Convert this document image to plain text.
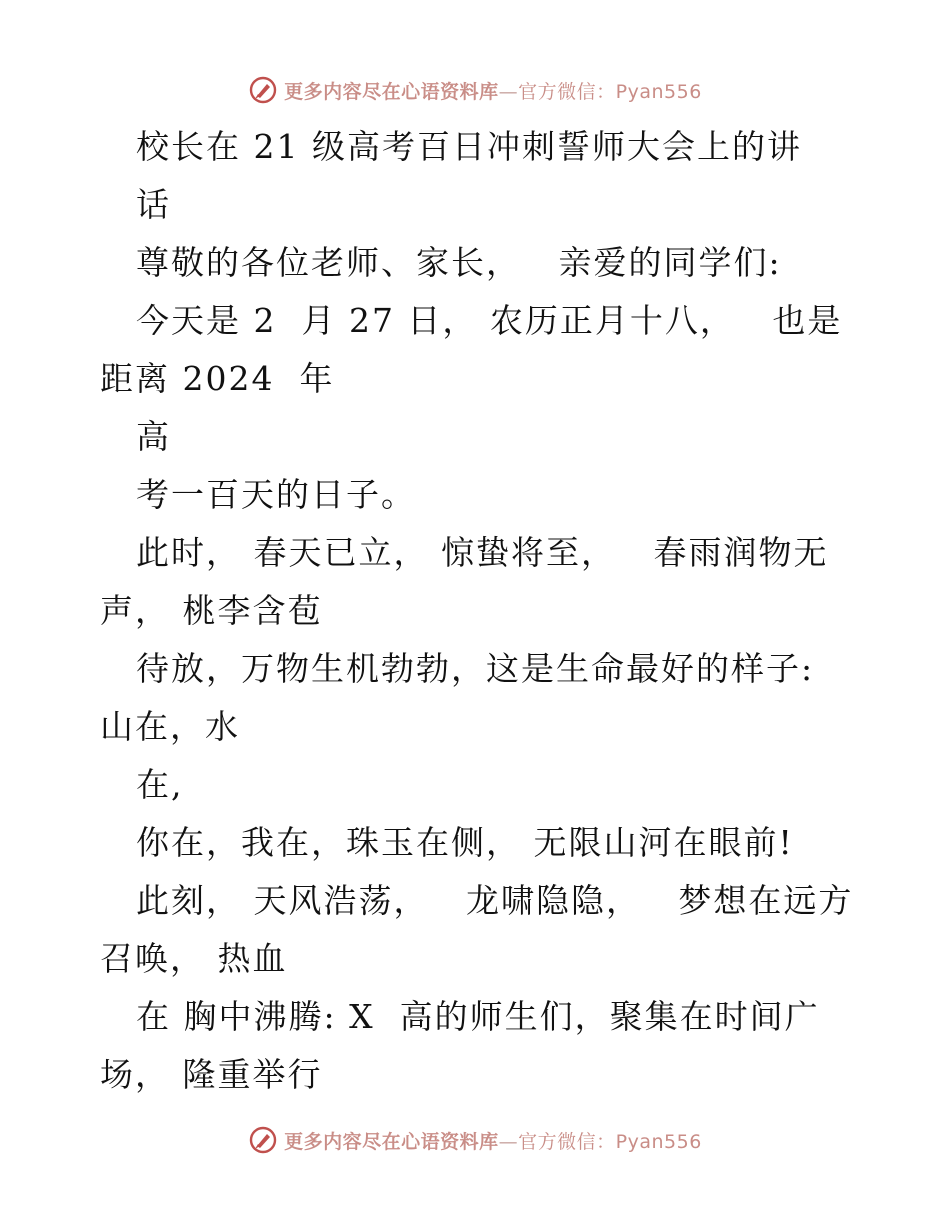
更多内容尽在心语资料库—官方微信：Pyan556
校长在 21 级高考百日冲刺誓师大会上的讲
话
尊敬的各位老师、家长，   亲爱的同学们:
今天是 2  月 27 日， 农历正月十八，   也是
距离 2024  年
高
考一百天的日子。
此时， 春天已立， 惊蛰将至，   春雨润物无
声， 桃李含苞
待放，万物生机勃勃，这是生命最好的样子:
山在，水
在,
你在，我在，珠玉在侧， 无限山河在眼前!
此刻， 天风浩荡，   龙啸隐隐，   梦想在远方
召唤， 热血
在 胸中沸腾: X  高的师生们，聚集在时间广
场， 隆重举行
更多内容尽在心语资料库—官方微信：Pyan556
